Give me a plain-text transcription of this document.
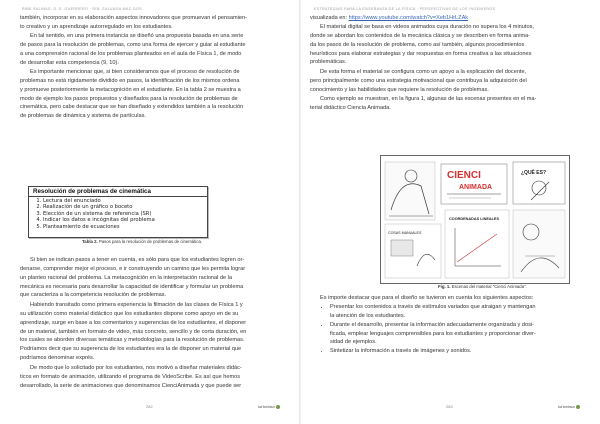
RIBE SALINAS, D. E. GUERRERO · RIB. ZULUAGA MAC DOS
también, incorporar en su elaboración aspectos innovadores que promuevan el pensamien-
to creativo y un aprendizaje autorregulado en los estudiantes.
En tal sentido, en una primera instancia se diseñó una propuesta basada en una serie
de pasos para la resolución de problemas, como una forma de ejercer y guiar al estudiante
a una comprensión racional de los problemas planteados en el aula de Física 1, de modo
de desarrollar esta competencia (9, 10).
Es importante mencionar que, si bien consideramos que el proceso de resolución de
problemas no está rígidamente dividido en pasos, la identificación de los mismos ordena
y promueve posteriormente la metacognición en el estudiante. En la tabla 2 se muestra a
modo de ejemplo los pasos propuestos y diseñados para la resolución de problemas de
cinemática, pero cabe destacar que se han diseñado y extendidos también a la resolución
de problemas de dinámica y sistema de partículas.
Resolución de problemas de cinemática
1. Lectura del enunciado
2. Realización de un gráfico o boceto
3. Elección de un sistema de referencia (SR)
4. Indicar los datos e incógnitas del problema
5. Planteamiento de ecuaciones
Tabla 2. Pasos para la resolución de problemas de cinemática.
Si bien se indican pasos a tener en cuenta, es sólo para que los estudiantes logren or-
denarse, comprender mejor el proceso, e ir construyendo un camino que les permita lograr
un planteo racional del problema. La metacognición en la interpretación racional de la
mecánica es necesaria para desarrollar la capacidad de identificar y formular un problema
que caracteriza a la competencia resolución de problemas.
Habiendo transitado como primera experiencia la filmación de las clases de Física 1 y
su utilización como material didáctico que los estudiantes dispone como apoyo en de su
aprendizaje, surge en base a los comentarios y sugerencias de los estudiantes, el disponer
de un material, también en formato de video, más concreto, sencillo y de corta duración, en
los cuales se aborden diversas temáticas y metodologías para la resolución de problemas.
Podríamos decir que su sugerencia de los estudiantes era la de disponer un material que
podríamos denominar exprés.
De modo que lo solicitado por los estudiantes, nos motivó a diseñar materiales didác-
ticos en formato de animación, utilizando el programa de VideoScribe. Es así que hemos
desarrollado, la serie de animaciones que denominamos CienciAnimada y que puede ser
282	ka'belasa
ESTRATEGIAS PARA LA ENSEÑANZA DE LA FÍSICA · PERSPECTIVAS DE LOS INGENIEROS
visualizada en: https://www.youtube.com/watch?v=Xeb1HrLZAk
El material digital se basa en videos animados cuya duración no supera los 4 minutos,
donde se abordan los contenidos de la mecánica clásica y se describen en forma anima-
da los pasos de la resolución de problema, como así también, algunos procedimientos
heurísticos para elaborar estrategias y dar respuestas en forma creativa a las situaciones
problemáticas.
De esta forma el material se configura como un apoyo a la explicación del docente,
pero principalmente como una estrategia motivacional que contribuya la adquisición del
conocimiento y las habilidades que requiere la resolución de problemas.
Como ejemplo se muestran, en la figura 1, algunas de las escenas presentes en el ma-
terial didáctico Ciencia Animada.
CIENCI
ANIMADA
¿QUÉ ES?
COSAS MANUALES
COORDENADAS LINEALES
Fig. 1. Escenas del material "Cienci Animada".
Es importe destacar que para el diseño se tuvieron en cuenta los siguientes aspectos:
• Presentar los contenidos a través de estímulos variados que atraigan y mantengan
la atención de los estudiantes.
• Durante el desarrollo, presentar la información adecuadamente organizada y dosi-
ficada, emplear lenguajes comprensibles para los estudiantes y proporcionar diver-
sidad de ejemplos.
• Sintetizar la información a través de imágenes y sonidos.
283	ka'belasa
